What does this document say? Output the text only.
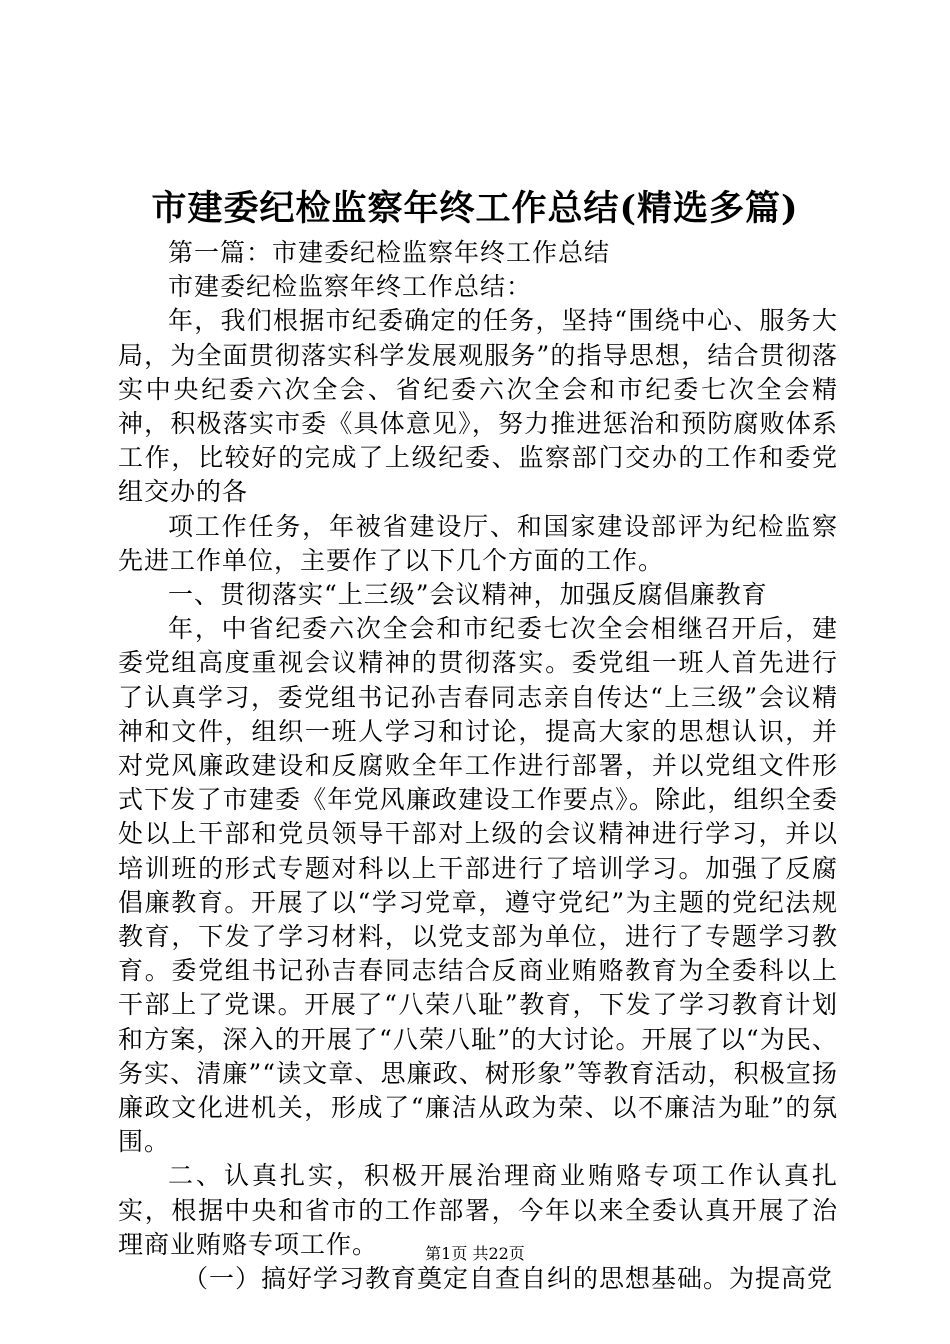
市建委纪检监察年终工作总结(精选多篇)

第一篇：市建委纪检监察年终工作总结

市建委纪检监察年终工作总结：

年，我们根据市纪委确定的任务，坚持“围绕中心、服务大局，为全面贯彻落实科学发展观服务”的指导思想，结合贯彻落实中央纪委六次全会、省纪委六次全会和市纪委七次全会精神，积极落实市委《具体意见》，努力推进惩治和预防腐败体系工作，比较好的完成了上级纪委、监察部门交办的工作和委党组交办的各

项工作任务，年被省建设厅、和国家建设部评为纪检监察先进工作单位，主要作了以下几个方面的工作。

一、贯彻落实“上三级”会议精神，加强反腐倡廉教育

年，中省纪委六次全会和市纪委七次全会相继召开后，建委党组高度重视会议精神的贯彻落实。委党组一班人首先进行了认真学习，委党组书记孙吉春同志亲自传达“上三级”会议精神和文件，组织一班人学习和讨论，提高大家的思想认识，并对党风廉政建设和反腐败全年工作进行部署，并以党组文件形式下发了市建委《年党风廉政建设工作要点》。除此，组织全委处以上干部和党员领导干部对上级的会议精神进行学习，并以培训班的形式专题对科以上干部进行了培训学习。加强了反腐倡廉教育。开展了以“学习党章，遵守党纪”为主题的党纪法规教育，下发了学习材料，以党支部为单位，进行了专题学习教育。委党组书记孙吉春同志结合反商业贿赂教育为全委科以上干部上了党课。开展了“八荣八耻”教育，下发了学习教育计划和方案，深入的开展了“八荣八耻”的大讨论。开展了以“为民、务实、清廉”“读文章、思廉政、树形象”等教育活动，积极宣扬廉政文化进机关，形成了“廉洁从政为荣、以不廉洁为耻”的氛围。

二、认真扎实，积极开展治理商业贿赂专项工作认真扎实，根据中央和省市的工作部署，今年以来全委认真开展了治理商业贿赂专项工作。

（一）搞好学习教育奠定自查自纠的思想基础。为提高党

第1页 共22页
